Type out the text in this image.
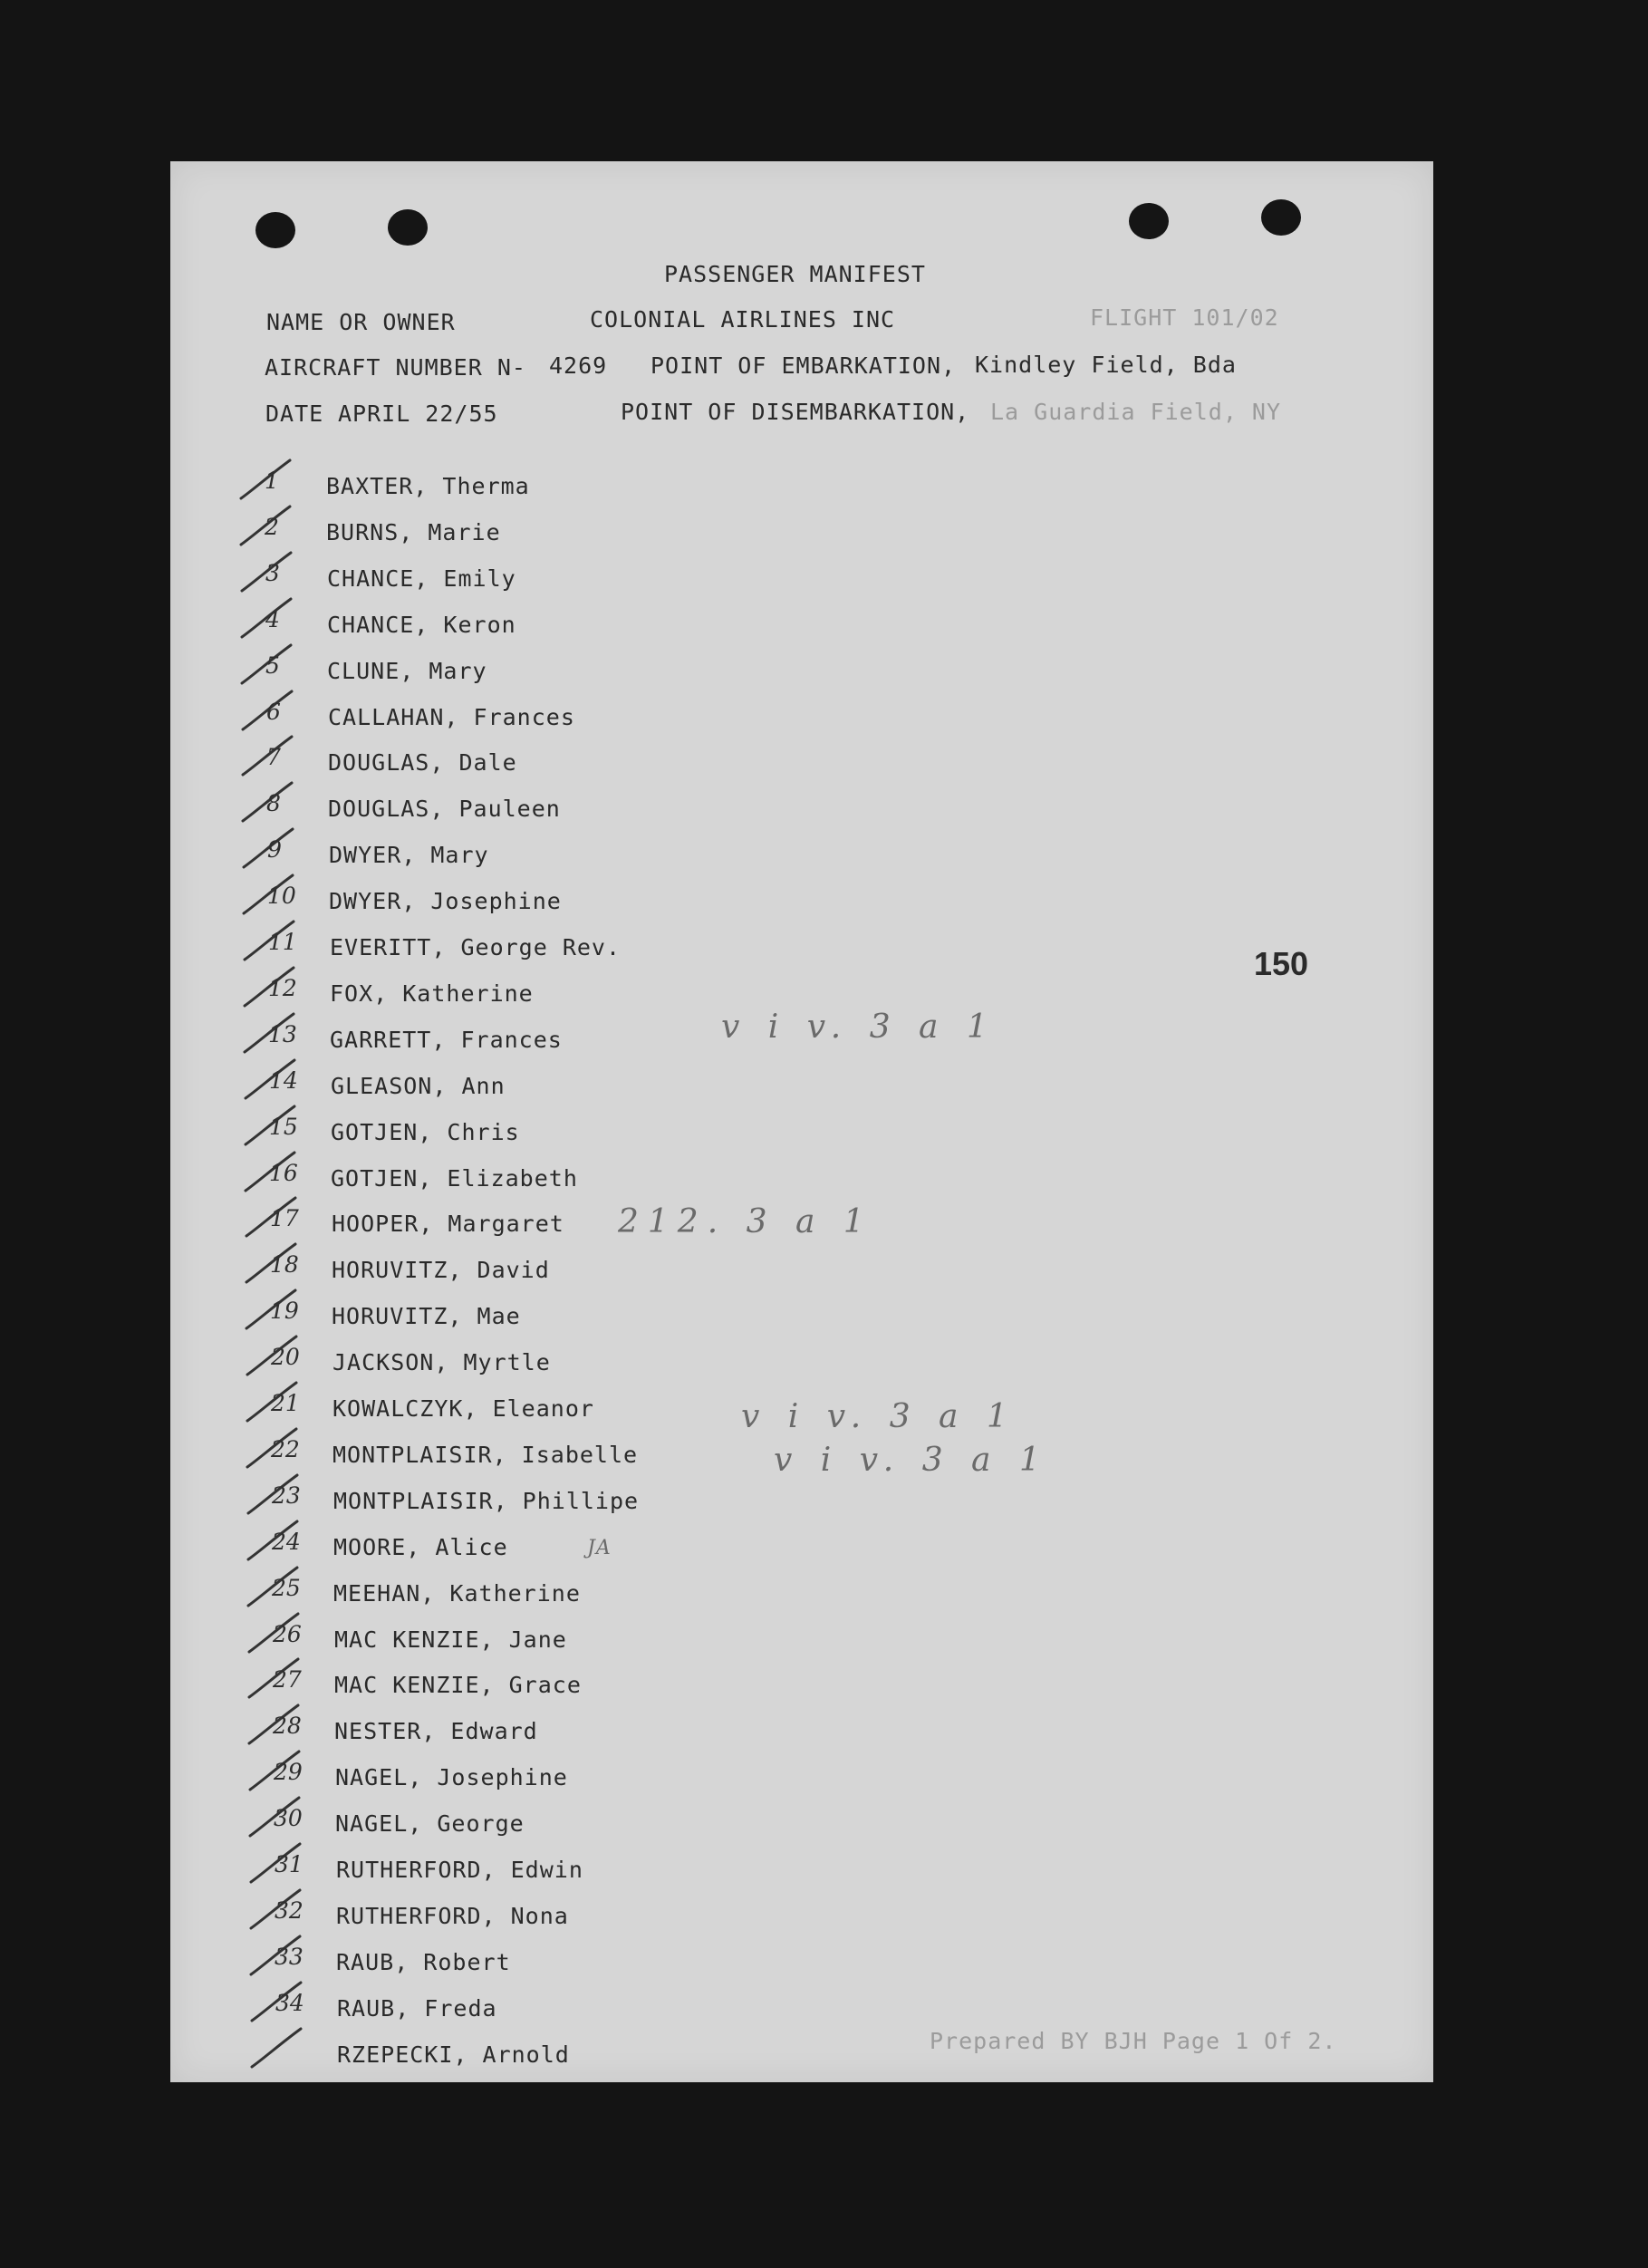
PASSENGER MANIFEST
NAME OR OWNER	COLONIAL AIRLINES INC	FLIGHT 101/02
AIRCRAFT NUMBER N- 4269 POINT OF EMBARKATION, Kindley Field, Bda
DATE APRIL 22/55	POINT OF DISEMBARKATION, La Guardia Field, NY
1 BAXTER, Therma
2 BURNS, Marie
3 CHANCE, Emily
4 CHANCE, Keron
5 CLUNE, Mary
6 CALLAHAN, Frances
7 DOUGLAS, Dale
8 DOUGLAS, Pauleen
9 DWYER, Mary
10 DWYER, Josephine
11 EVERITT, George Rev.
12 FOX, Katherine
13 GARRETT, Frances
14 GLEASON, Ann
15 GOTJEN, Chris
16 GOTJEN, Elizabeth
17 HOOPER, Margaret
18 HORUVITZ, David
19 HORUVITZ, Mae
20 JACKSON, Myrtle
21 KOWALCZYK, Eleanor
22 MONTPLAISIR, Isabelle
23 MONTPLAISIR, Phillipe
24 MOORE, Alice
25 MEEHAN, Katherine
26 MAC KENZIE, Jane
27 MAC KENZIE, Grace
28 NESTER, Edward
29 NAGEL, Josephine
30 NAGEL, George
31 RUTHERFORD, Edwin
32 RUTHERFORD, Nona
33 RAUB, Robert
34 RAUB, Freda
RZEPECKI, Arnold
150
v i v. 3 a 1
212. 3 a 1
v i v. 3 a 1
v i v. 3 a 1
JA
Prepared BY BJH Page 1 Of 2.
